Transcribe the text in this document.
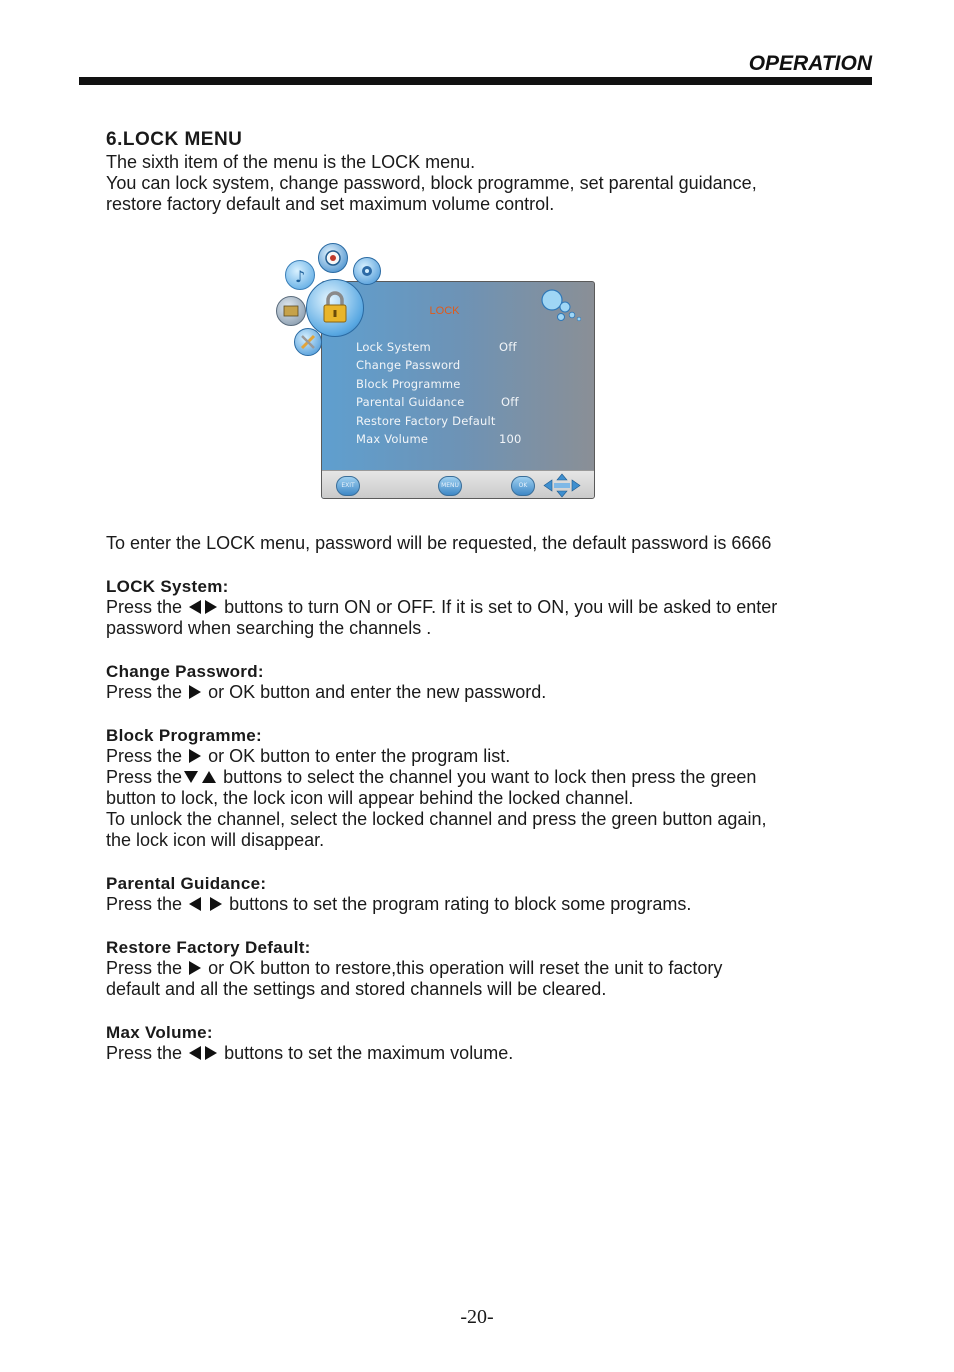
OPERATION

6.LOCK MENU

The sixth item of the menu is the LOCK menu.

You can lock system, change password, block programme, set parental guidance,

restore factory default and set maximum volume control.

To enter the LOCK menu, password will be requested, the default password is 6666

LOCK System:

Press the buttons to turn ON or OFF. If it is set to ON, you will be asked to enter

password when searching the channels .

Change Password:

Press the or OK button and enter the new password.

Block Programme:

Press the or OK button to enter the program list.

Press the buttons to select the channel you want to lock then press the green

button to lock, the lock icon will appear behind the locked channel.

To unlock the channel, select the locked channel and press the green button again,

the lock icon will disappear.

Parental Guidance:

Press the	buttons to set the program rating to block some programs.

Restore Factory Default:

Press the or OK button to restore,this operation will reset the unit to factory

default and all the settings and stored channels will be cleared.

Max Volume:

Press the buttons to set the maximum volume.

LOCK
Lock System	Off
Change Password
Block Programme
Parental Guidance	Off
Restore Factory Default
Max Volume	100
EXIT	MENU	OK
♪
-20-
